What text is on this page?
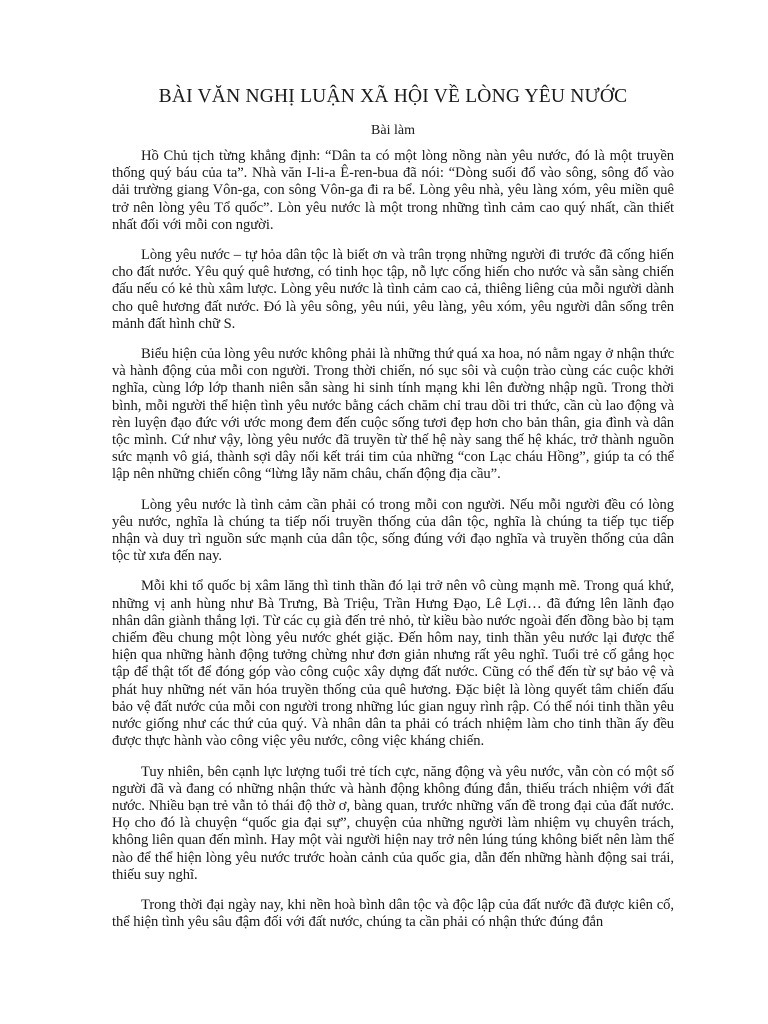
BÀI VĂN NGHỊ LUẬN XÃ HỘI VỀ LÒNG YÊU NƯỚC
Bài làm

Hồ Chủ tịch từng khẳng định: “Dân ta có một lòng nồng nàn yêu nước, đó là một truyền thống quý báu của ta”. Nhà văn I-li-a Ê-ren-bua đã nói: “Dòng suối đổ vào sông, sông đổ vào dải trường giang Vôn-ga, con sông Vôn-ga đi ra bể. Lòng yêu nhà, yêu làng xóm, yêu miền quê trở nên lòng yêu Tổ quốc”. Lòn yêu nước là một trong những tình cảm cao quý nhất, cần thiết nhất đối với mỗi con người.

Lòng yêu nước – tự hỏa dân tộc là biết ơn và trân trọng những người đi trước đã cống hiến cho đất nước. Yêu quý quê hương, có tinh học tập, nỗ lực cống hiến cho nước và sẵn sàng chiến đấu nếu có kẻ thù xâm lược. Lòng yêu nước là tình cảm cao cả, thiêng liêng của mỗi người dành cho quê hương đất nước. Đó là yêu sông, yêu núi, yêu làng, yêu xóm, yêu người dân sống trên mảnh đất hình chữ S.

Biểu hiện của lòng yêu nước không phải là những thứ quá xa hoa, nó nằm ngay ở nhận thức và hành động của mỗi con người. Trong thời chiến, nó sục sôi và cuộn trào cùng các cuộc khởi nghĩa, cùng lớp lớp thanh niên sẵn sàng hi sinh tính mạng khi lên đường nhập ngũ. Trong thời bình, mỗi người thể hiện tình yêu nước bằng cách chăm chỉ trau dồi tri thức, cần cù lao động và rèn luyện đạo đức với ước mong đem đến cuộc sống tươi đẹp hơn cho bản thân, gia đình và dân tộc mình. Cứ như vậy, lòng yêu nước đã truyền từ thế hệ này sang thế hệ khác, trở thành nguồn sức mạnh vô giá, thành sợi dây nối kết trái tim của những “con Lạc cháu Hồng”, giúp ta có thể lập nên những chiến công “lừng lẫy năm châu, chấn động địa cầu”.

Lòng yêu nước là tình cảm cần phải có trong mỗi con người. Nếu mỗi người đều có lòng yêu nước, nghĩa là chúng ta tiếp nối truyền thống của dân tộc, nghĩa là chúng ta tiếp tục tiếp nhận và duy trì nguồn sức mạnh của dân tộc, sống đúng với đạo nghĩa và truyền thống của dân tộc từ xưa đến nay.

Mỗi khi tổ quốc bị xâm lăng thì tinh thần đó lại trở nên vô cùng mạnh mẽ. Trong quá khứ, những vị anh hùng như Bà Trưng, Bà Triệu, Trần Hưng Đạo, Lê Lợi… đã đứng lên lãnh đạo nhân dân giành thắng lợi. Từ các cụ già đến trẻ nhỏ, từ kiều bào nước ngoài đến đồng bào bị tạm chiếm đều chung một lòng yêu nước ghét giặc. Đến hôm nay, tinh thần yêu nước lại được thể hiện qua những hành động tưởng chừng như đơn giản nhưng rất yêu nghĩ. Tuổi trẻ cố gắng học tập để thật tốt để đóng góp vào công cuộc xây dựng đất nước. Cũng có thể đến từ sự bảo vệ và phát huy những nét văn hóa truyền thống của quê hương. Đặc biệt là lòng quyết tâm chiến đấu bảo vệ đất nước của mỗi con người trong những lúc gian nguy rình rập. Có thể nói tinh thần yêu nước giống như các thứ của quý. Và nhân dân ta phải có trách nhiệm làm cho tinh thần ấy đều được thực hành vào công việc yêu nước, công việc kháng chiến.

Tuy nhiên, bên cạnh lực lượng tuổi trẻ tích cực, năng động và yêu nước, vẫn còn có một số người đã và đang có những nhận thức và hành động không đúng đắn, thiếu trách nhiệm với đất nước. Nhiều bạn trẻ vẫn tỏ thái độ thờ ơ, bàng quan, trước những vấn đề trong đại của đất nước. Họ cho đó là chuyện “quốc gia đại sự”, chuyện của những người làm nhiệm vụ chuyên trách, không liên quan đến mình. Hay một vài người hiện nay trở nên lúng túng không biết nên làm thế nào để thể hiện lòng yêu nước trước hoàn cảnh của quốc gia, dẫn đến những hành động sai trái, thiếu suy nghĩ.

Trong thời đại ngày nay, khi nền hoà bình dân tộc và độc lập của đất nước đã được kiên cố, thể hiện tình yêu sâu đậm đối với đất nước, chúng ta cần phải có nhận thức đúng đắn
